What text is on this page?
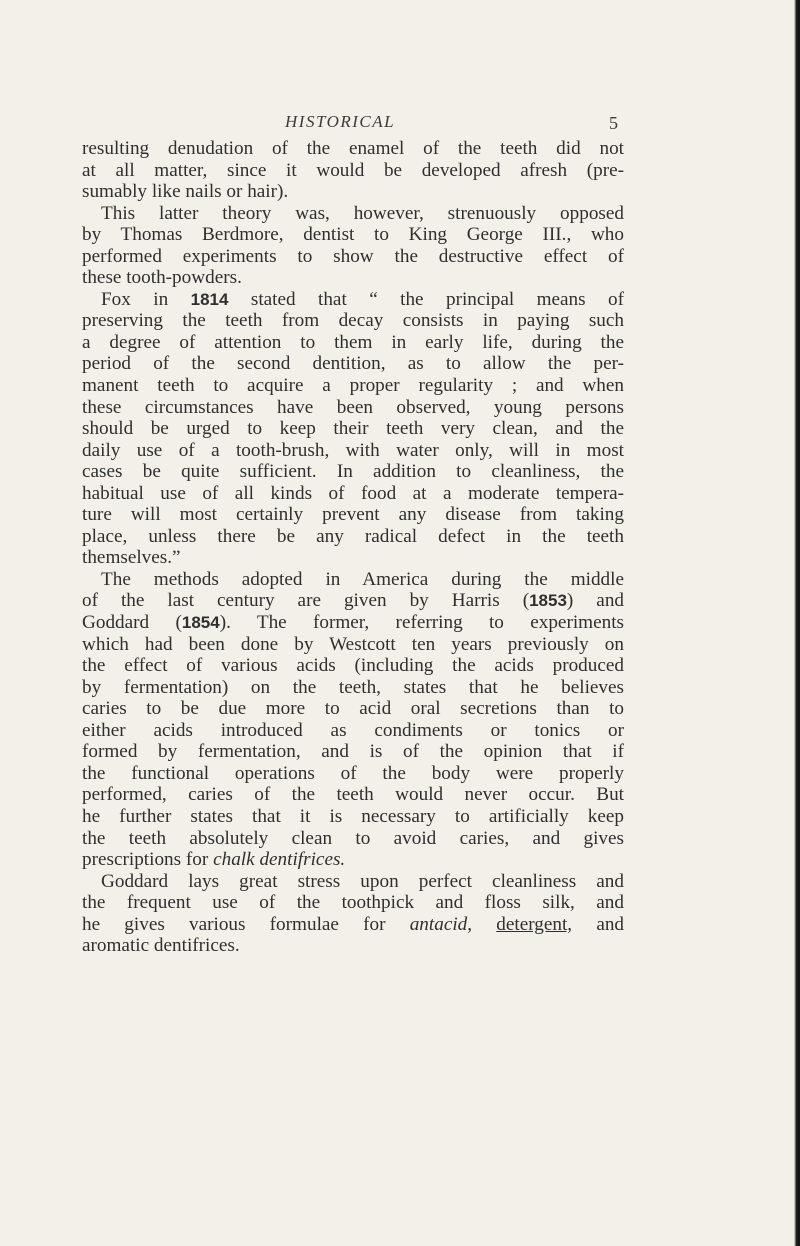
HISTORICAL	5
resulting denudation of the enamel of the teeth did not
at all matter, since it would be developed afresh (pre-
sumably like nails or hair).
This latter theory was, however, strenuously opposed
by Thomas Berdmore, dentist to King George III., who
performed experiments to show the destructive effect of
these tooth-powders.
Fox in 1814 stated that “ the principal means of
preserving the teeth from decay consists in paying such
a degree of attention to them in early life, during the
period of the second dentition, as to allow the per-
manent teeth to acquire a proper regularity ; and when
these circumstances have been observed, young persons
should be urged to keep their teeth very clean, and the
daily use of a tooth-brush, with water only, will in most
cases be quite sufficient. In addition to cleanliness, the
habitual use of all kinds of food at a moderate tempera-
ture will most certainly prevent any disease from taking
place, unless there be any radical defect in the teeth
themselves.”
The methods adopted in America during the middle
of the last century are given by Harris (1853) and
Goddard (1854). The former, referring to experiments
which had been done by Westcott ten years previously on
the effect of various acids (including the acids produced
by fermentation) on the teeth, states that he believes
caries to be due more to acid oral secretions than to
either acids introduced as condiments or tonics or
formed by fermentation, and is of the opinion that if
the functional operations of the body were properly
performed, caries of the teeth would never occur. But
he further states that it is necessary to artificially keep
the teeth absolutely clean to avoid caries, and gives
prescriptions for chalk dentifrices.
Goddard lays great stress upon perfect cleanliness and
the frequent use of the toothpick and floss silk, and
he gives various formulae for antacid, detergent, and
aromatic dentifrices.
